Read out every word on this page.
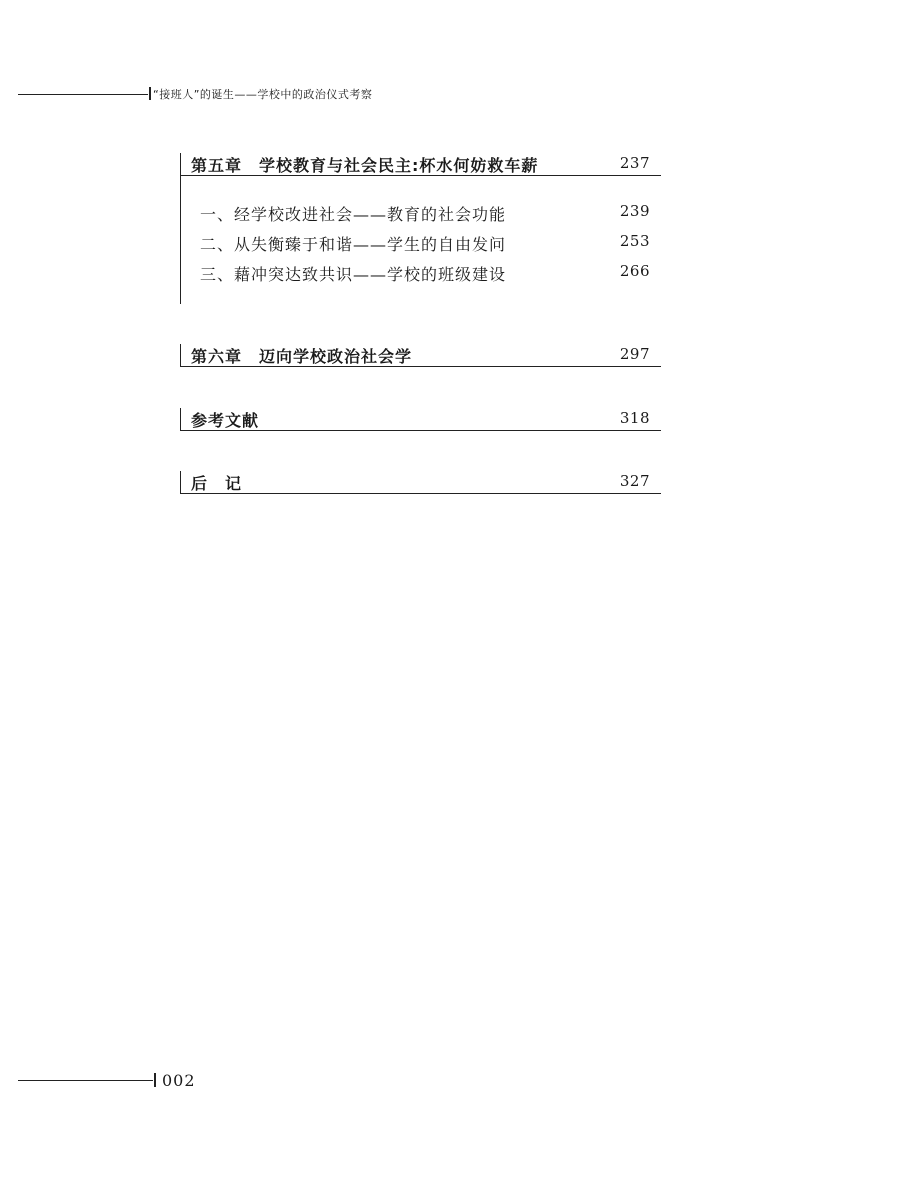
“接班人”的诞生——学校中的政治仪式考察
第五章　学校教育与社会民主:杯水何妨救车薪	237
一、经学校改进社会——教育的社会功能	239
二、从失衡臻于和谐——学生的自由发问	253
三、藉冲突达致共识——学校的班级建设	266
第六章　迈向学校政治社会学	297
参考文献	318
后　记	327
002
